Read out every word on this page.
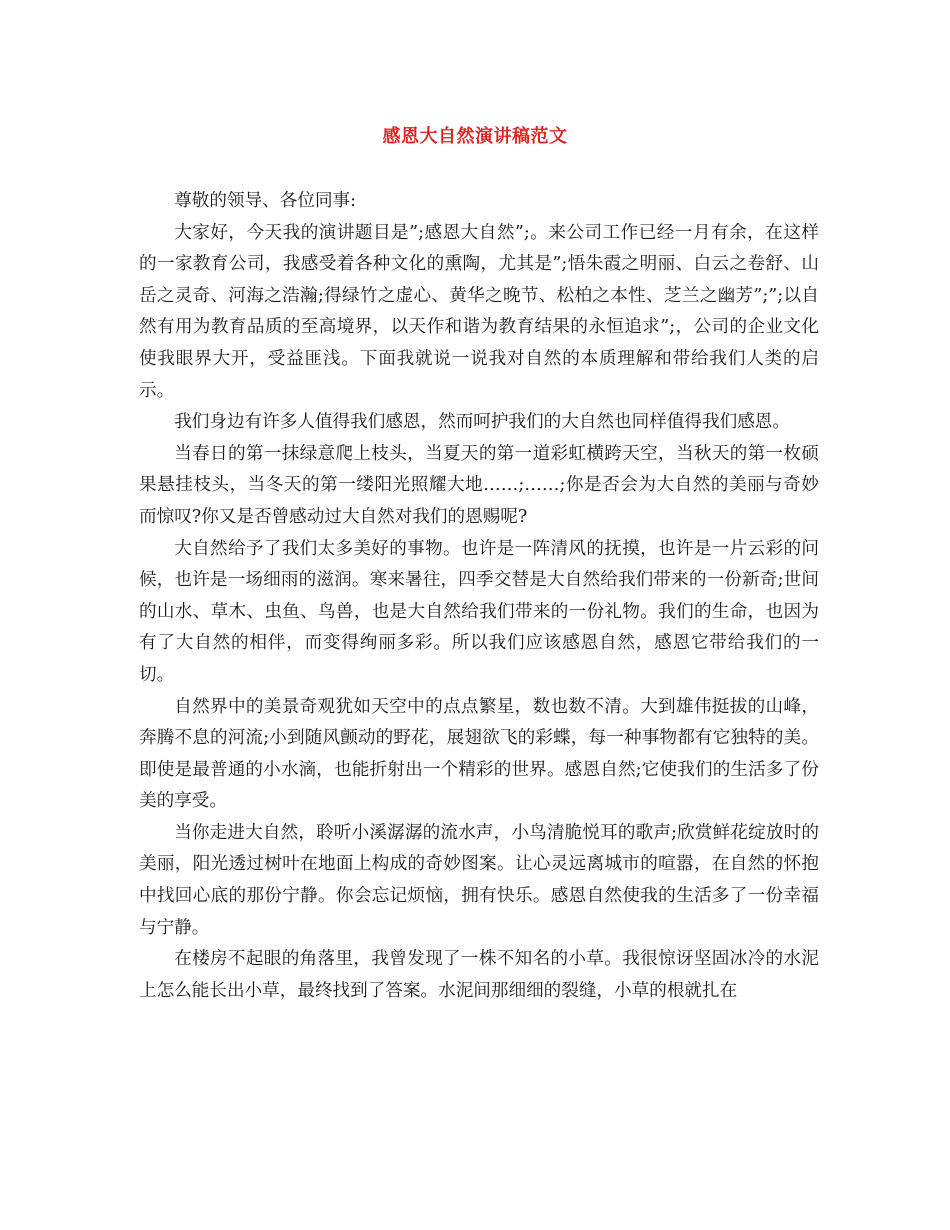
感恩大自然演讲稿范文

尊敬的领导、各位同事:

大家好，今天我的演讲题目是”;感恩大自然”;。来公司工作已经一月有余，在这样的一家教育公司，我感受着各种文化的熏陶，尤其是”;悟朱霞之明丽、白云之卷舒、山岳之灵奇、河海之浩瀚;得绿竹之虚心、黄华之晚节、松柏之本性、芝兰之幽芳”;”;以自然有用为教育品质的至高境界，以天作和谐为教育结果的永恒追求”;，公司的企业文化使我眼界大开，受益匪浅。下面我就说一说我对自然的本质理解和带给我们人类的启示。

我们身边有许多人值得我们感恩，然而呵护我们的大自然也同样值得我们感恩。

当春日的第一抹绿意爬上枝头，当夏天的第一道彩虹横跨天空，当秋天的第一枚硕果悬挂枝头，当冬天的第一缕阳光照耀大地……;……;你是否会为大自然的美丽与奇妙而惊叹?你又是否曾感动过大自然对我们的恩赐呢?

大自然给予了我们太多美好的事物。也许是一阵清风的抚摸，也许是一片云彩的问候，也许是一场细雨的滋润。寒来暑往，四季交替是大自然给我们带来的一份新奇;世间的山水、草木、虫鱼、鸟兽，也是大自然给我们带来的一份礼物。我们的生命，也因为有了大自然的相伴，而变得绚丽多彩。所以我们应该感恩自然，感恩它带给我们的一切。

自然界中的美景奇观犹如天空中的点点繁星，数也数不清。大到雄伟挺拔的山峰，奔腾不息的河流;小到随风颤动的野花，展翅欲飞的彩蝶，每一种事物都有它独特的美。即使是最普通的小水滴，也能折射出一个精彩的世界。感恩自然;它使我们的生活多了份美的享受。

当你走进大自然，聆听小溪潺潺的流水声，小鸟清脆悦耳的歌声;欣赏鲜花绽放时的美丽，阳光透过树叶在地面上构成的奇妙图案。让心灵远离城市的喧嚣，在自然的怀抱中找回心底的那份宁静。你会忘记烦恼，拥有快乐。感恩自然使我的生活多了一份幸福与宁静。

在楼房不起眼的角落里，我曾发现了一株不知名的小草。我很惊讶坚固冰冷的水泥上怎么能长出小草，最终找到了答案。水泥间那细细的裂缝，小草的根就扎在
